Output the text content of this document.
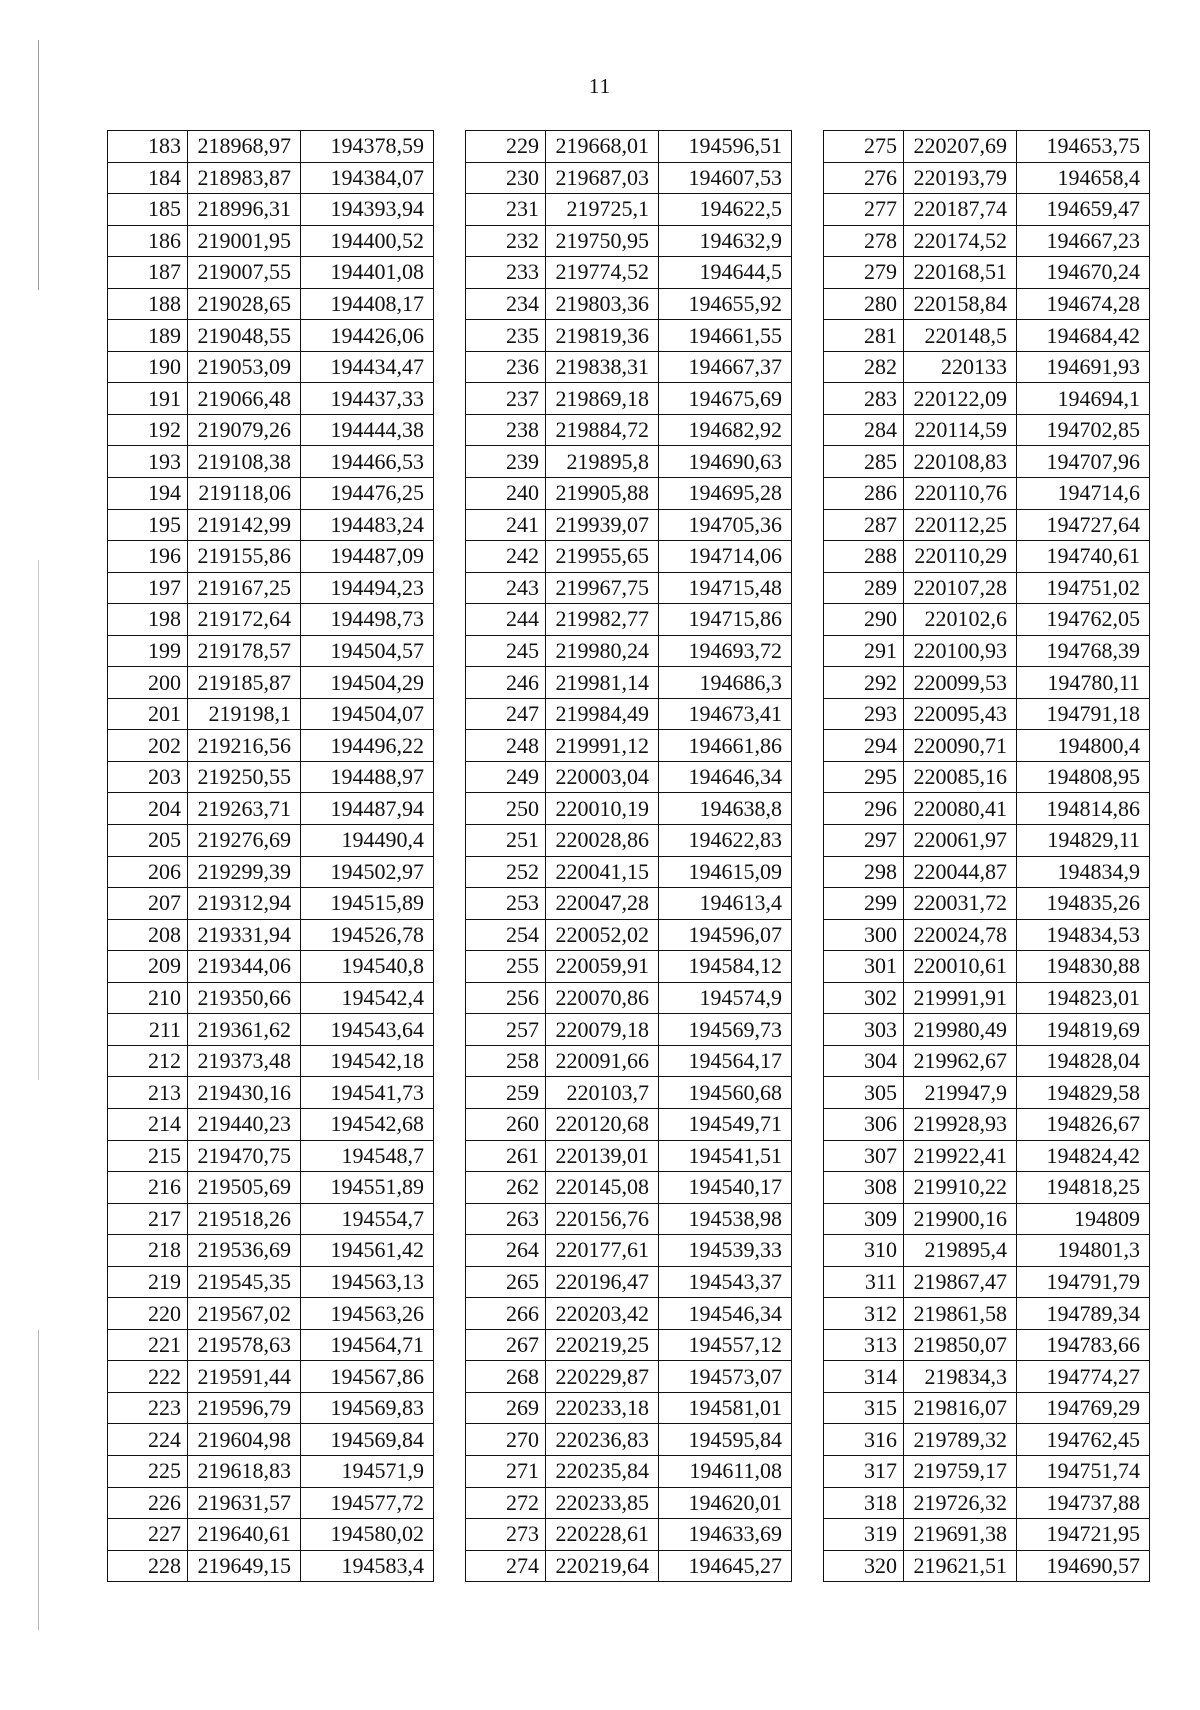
11
183	218968,97	194378,59
184	218983,87	194384,07
185	218996,31	194393,94
186	219001,95	194400,52
187	219007,55	194401,08
188	219028,65	194408,17
189	219048,55	194426,06
190	219053,09	194434,47
191	219066,48	194437,33
192	219079,26	194444,38
193	219108,38	194466,53
194	219118,06	194476,25
195	219142,99	194483,24
196	219155,86	194487,09
197	219167,25	194494,23
198	219172,64	194498,73
199	219178,57	194504,57
200	219185,87	194504,29
201	219198,1	194504,07
202	219216,56	194496,22
203	219250,55	194488,97
204	219263,71	194487,94
205	219276,69	194490,4
206	219299,39	194502,97
207	219312,94	194515,89
208	219331,94	194526,78
209	219344,06	194540,8
210	219350,66	194542,4
211	219361,62	194543,64
212	219373,48	194542,18
213	219430,16	194541,73
214	219440,23	194542,68
215	219470,75	194548,7
216	219505,69	194551,89
217	219518,26	194554,7
218	219536,69	194561,42
219	219545,35	194563,13
220	219567,02	194563,26
221	219578,63	194564,71
222	219591,44	194567,86
223	219596,79	194569,83
224	219604,98	194569,84
225	219618,83	194571,9
226	219631,57	194577,72
227	219640,61	194580,02
228	219649,15	194583,4
229	219668,01	194596,51
230	219687,03	194607,53
231	219725,1	194622,5
232	219750,95	194632,9
233	219774,52	194644,5
234	219803,36	194655,92
235	219819,36	194661,55
236	219838,31	194667,37
237	219869,18	194675,69
238	219884,72	194682,92
239	219895,8	194690,63
240	219905,88	194695,28
241	219939,07	194705,36
242	219955,65	194714,06
243	219967,75	194715,48
244	219982,77	194715,86
245	219980,24	194693,72
246	219981,14	194686,3
247	219984,49	194673,41
248	219991,12	194661,86
249	220003,04	194646,34
250	220010,19	194638,8
251	220028,86	194622,83
252	220041,15	194615,09
253	220047,28	194613,4
254	220052,02	194596,07
255	220059,91	194584,12
256	220070,86	194574,9
257	220079,18	194569,73
258	220091,66	194564,17
259	220103,7	194560,68
260	220120,68	194549,71
261	220139,01	194541,51
262	220145,08	194540,17
263	220156,76	194538,98
264	220177,61	194539,33
265	220196,47	194543,37
266	220203,42	194546,34
267	220219,25	194557,12
268	220229,87	194573,07
269	220233,18	194581,01
270	220236,83	194595,84
271	220235,84	194611,08
272	220233,85	194620,01
273	220228,61	194633,69
274	220219,64	194645,27
275	220207,69	194653,75
276	220193,79	194658,4
277	220187,74	194659,47
278	220174,52	194667,23
279	220168,51	194670,24
280	220158,84	194674,28
281	220148,5	194684,42
282	220133	194691,93
283	220122,09	194694,1
284	220114,59	194702,85
285	220108,83	194707,96
286	220110,76	194714,6
287	220112,25	194727,64
288	220110,29	194740,61
289	220107,28	194751,02
290	220102,6	194762,05
291	220100,93	194768,39
292	220099,53	194780,11
293	220095,43	194791,18
294	220090,71	194800,4
295	220085,16	194808,95
296	220080,41	194814,86
297	220061,97	194829,11
298	220044,87	194834,9
299	220031,72	194835,26
300	220024,78	194834,53
301	220010,61	194830,88
302	219991,91	194823,01
303	219980,49	194819,69
304	219962,67	194828,04
305	219947,9	194829,58
306	219928,93	194826,67
307	219922,41	194824,42
308	219910,22	194818,25
309	219900,16	194809
310	219895,4	194801,3
311	219867,47	194791,79
312	219861,58	194789,34
313	219850,07	194783,66
314	219834,3	194774,27
315	219816,07	194769,29
316	219789,32	194762,45
317	219759,17	194751,74
318	219726,32	194737,88
319	219691,38	194721,95
320	219621,51	194690,57
